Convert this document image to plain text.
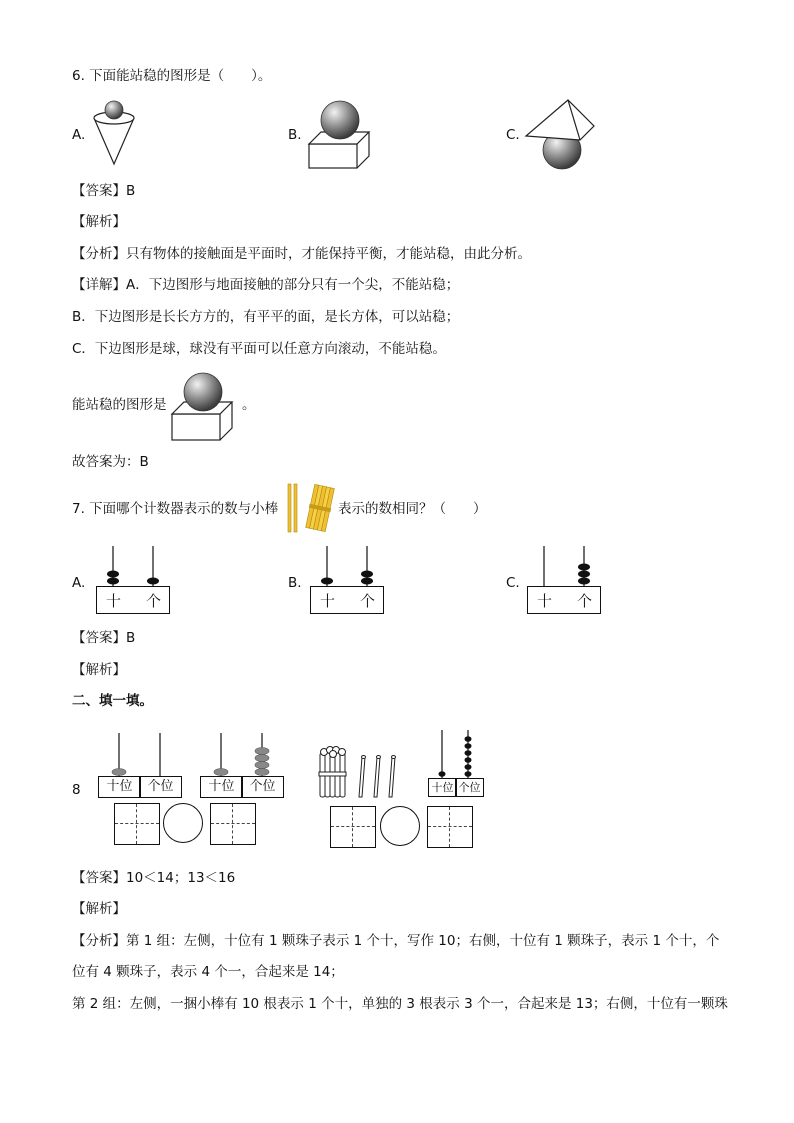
6. 下面能站稳的图形是（　　）。
A.	B.	C.
【答案】B
【解析】
【分析】只有物体的接触面是平面时，才能保持平衡，才能站稳，由此分析。
【详解】A．下边图形与地面接触的部分只有一个尖，不能站稳；
B．下边图形是长长方方的，有平平的面，是长方体，可以站稳；
C．下边图形是球，球没有平面可以任意方向滚动，不能站稳。
能站稳的图形是	。
故答案为：B
7. 下面哪个计数器表示的数与小棒	表示的数相同？（　　）
A.
十 个
B.
十 个
C.
十 个
【答案】B
【解析】
二、填一填。
8	十位	个位	十位	个位	十位 个位
【答案】10＜14；13＜16
【解析】
【分析】第 1 组：左侧，十位有 1 颗珠子表示 1 个十，写作 10；右侧，十位有 1 颗珠子，表示 1 个十，个
位有 4 颗珠子，表示 4 个一，合起来是 14；
第 2 组：左侧，一捆小棒有 10 根表示 1 个十，单独的 3 根表示 3 个一，合起来是 13；右侧，十位有一颗珠
